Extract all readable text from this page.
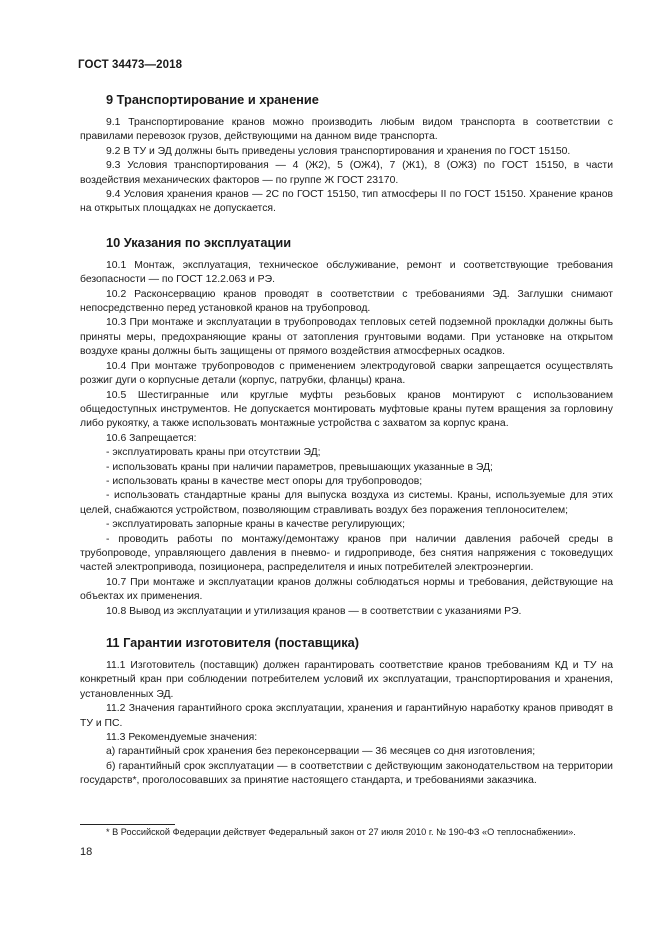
ГОСТ 34473—2018
9 Транспортирование и хранение

9.1 Транспортирование кранов можно производить любым видом транспорта в соответствии с правилами перевозок грузов, действующими на данном виде транспорта.

9.2 В ТУ и ЭД должны быть приведены условия транспортирования и хранения по ГОСТ 15150.

9.3 Условия транспортирования — 4 (Ж2), 5 (ОЖ4), 7 (Ж1), 8 (ОЖ3) по ГОСТ 15150, в части воздействия механических факторов — по группе Ж ГОСТ 23170.

9.4 Условия хранения кранов — 2С по ГОСТ 15150, тип атмосферы II по ГОСТ 15150. Хранение кранов на открытых площадках не допускается.

10 Указания по эксплуатации

10.1 Монтаж, эксплуатация, техническое обслуживание, ремонт и соответствующие требования безопасности — по ГОСТ 12.2.063 и РЭ.

10.2 Расконсервацию кранов проводят в соответствии с требованиями ЭД. Заглушки снимают непосредственно перед установкой кранов на трубопровод.

10.3 При монтаже и эксплуатации в трубопроводах тепловых сетей подземной прокладки должны быть приняты меры, предохраняющие краны от затопления грунтовыми водами. При установке на открытом воздухе краны должны быть защищены от прямого воздействия атмосферных осадков.

10.4 При монтаже трубопроводов с применением электродуговой сварки запрещается осуществлять розжиг дуги о корпусные детали (корпус, патрубки, фланцы) крана.

10.5 Шестигранные или круглые муфты резьбовых кранов монтируют с использованием общедоступных инструментов. Не допускается монтировать муфтовые краны путем вращения за горловину либо рукоятку, а также использовать монтажные устройства с захватом за корпус крана.

10.6 Запрещается:

- эксплуатировать краны при отсутствии ЭД;

- использовать краны при наличии параметров, превышающих указанные в ЭД;

- использовать краны в качестве мест опоры для трубопроводов;

- использовать стандартные краны для выпуска воздуха из системы. Краны, используемые для этих целей, снабжаются устройством, позволяющим стравливать воздух без поражения теплоносителем;

- эксплуатировать запорные краны в качестве регулирующих;

- проводить работы по монтажу/демонтажу кранов при наличии давления рабочей среды в трубопроводе, управляющего давления в пневмо- и гидроприводе, без снятия напряжения с токоведущих частей электропривода, позиционера, распределителя и иных потребителей электроэнергии.

10.7 При монтаже и эксплуатации кранов должны соблюдаться нормы и требования, действующие на объектах их применения.

10.8 Вывод из эксплуатации и утилизация кранов — в соответствии с указаниями РЭ.

11 Гарантии изготовителя (поставщика)

11.1 Изготовитель (поставщик) должен гарантировать соответствие кранов требованиям КД и ТУ на конкретный кран при соблюдении потребителем условий их эксплуатации, транспортирования и хранения, установленных ЭД.

11.2 Значения гарантийного срока эксплуатации, хранения и гарантийную наработку кранов приводят в ТУ и ПС.

11.3 Рекомендуемые значения:

а) гарантийный срок хранения без переконсервации — 36 месяцев со дня изготовления;

б) гарантийный срок эксплуатации — в соответствии с действующим законодательством на территории государств*, проголосовавших за принятие настоящего стандарта, и требованиями заказчика.

* В Российской Федерации действует Федеральный закон от 27 июля 2010 г. № 190-ФЗ «О теплоснабжении».
18
